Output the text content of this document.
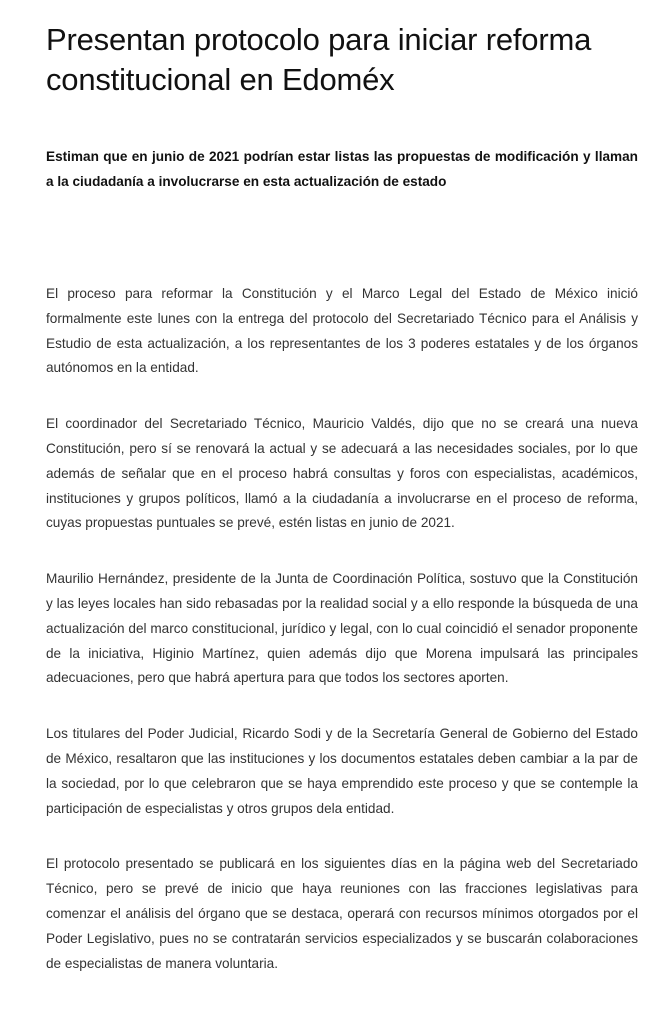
Presentan protocolo para iniciar reforma constitucional en Edoméx

Estiman que en junio de 2021 podrían estar listas las propuestas de modificación y llaman a la ciudadanía a involucrarse en esta actualización de estado

El proceso para reformar la Constitución y el Marco Legal del Estado de México inició formalmente este lunes con la entrega del protocolo del Secretariado Técnico para el Análisis y Estudio de esta actualización, a los representantes de los 3 poderes estatales y de los órganos autónomos en la entidad.

El coordinador del Secretariado Técnico, Mauricio Valdés, dijo que no se creará una nueva Constitución, pero sí se renovará la actual y se adecuará a las necesidades sociales, por lo que además de señalar que en el proceso habrá consultas y foros con especialistas, académicos, instituciones y grupos políticos, llamó a la ciudadanía a involucrarse en el proceso de reforma, cuyas propuestas puntuales se prevé, estén listas en junio de 2021.

Maurilio Hernández, presidente de la Junta de Coordinación Política, sostuvo que la Constitución y las leyes locales han sido rebasadas por la realidad social y a ello responde la búsqueda de una actualización del marco constitucional, jurídico y legal, con lo cual coincidió el senador proponente de la iniciativa, Higinio Martínez, quien además dijo que Morena impulsará las principales adecuaciones, pero que habrá apertura para que todos los sectores aporten.

Los titulares del Poder Judicial, Ricardo Sodi y de la Secretaría General de Gobierno del Estado de México, resaltaron que las instituciones y los documentos estatales deben cambiar a la par de la sociedad, por lo que celebraron que se haya emprendido este proceso y que se contemple la participación de especialistas y otros grupos dela entidad.

El protocolo presentado se publicará en los siguientes días en la página web del Secretariado Técnico, pero se prevé de inicio que haya reuniones con las fracciones legislativas para comenzar el análisis del órgano que se destaca, operará con recursos mínimos otorgados por el Poder Legislativo, pues no se contratarán servicios especializados y se buscarán colaboraciones de especialistas de manera voluntaria.
